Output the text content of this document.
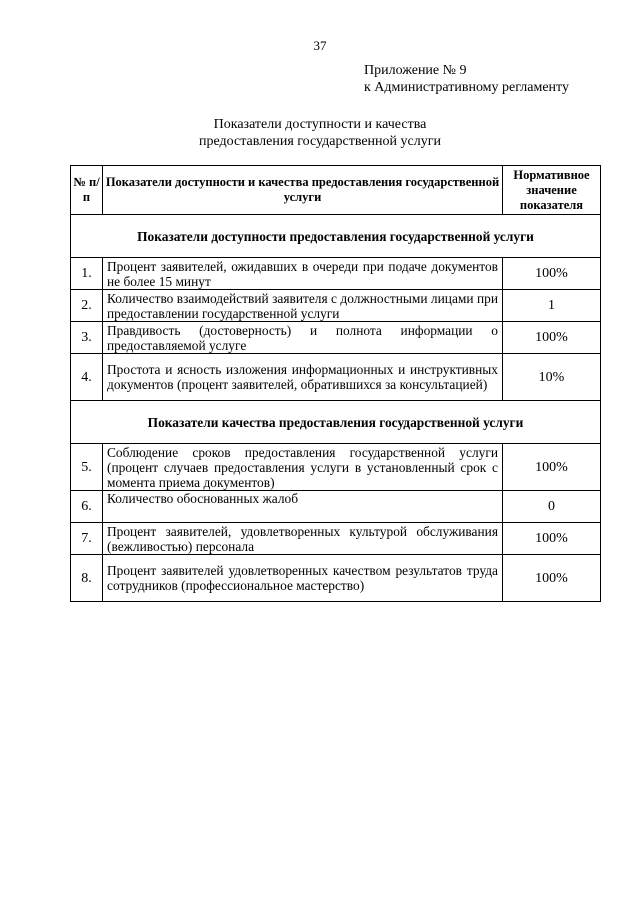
37
Приложение № 9
к Административному регламенту
Показатели доступности и качества
предоставления государственной услуги
№ п/п	Показатели доступности и качества предоставления государственной услуги	Нормативное значение показателя
Показатели доступности предоставления государственной услуги		
1.	Процент заявителей, ожидавших в очереди при подаче документов не более 15 минут	100%
2.	Количество взаимодействий заявителя с должностными лицами при предоставлении государственной услуги	1
3.	Правдивость (достоверность) и полнота информации о предоставляемой услуге	100%
4.	Простота и ясность изложения информационных и инструктивных документов (процент заявителей, обратившихся за консультацией)	10%
Показатели качества предоставления государственной услуги		
5.	Соблюдение сроков предоставления государственной услуги (процент случаев предоставления услуги в установленный срок с момента приема документов)	100%
6.	Количество обоснованных жалоб	0
7.	Процент заявителей, удовлетворенных культурой обслуживания (вежливостью) персонала	100%
8.	Процент заявителей удовлетворенных качеством результатов труда сотрудников (профессиональное мастерство)	100%
